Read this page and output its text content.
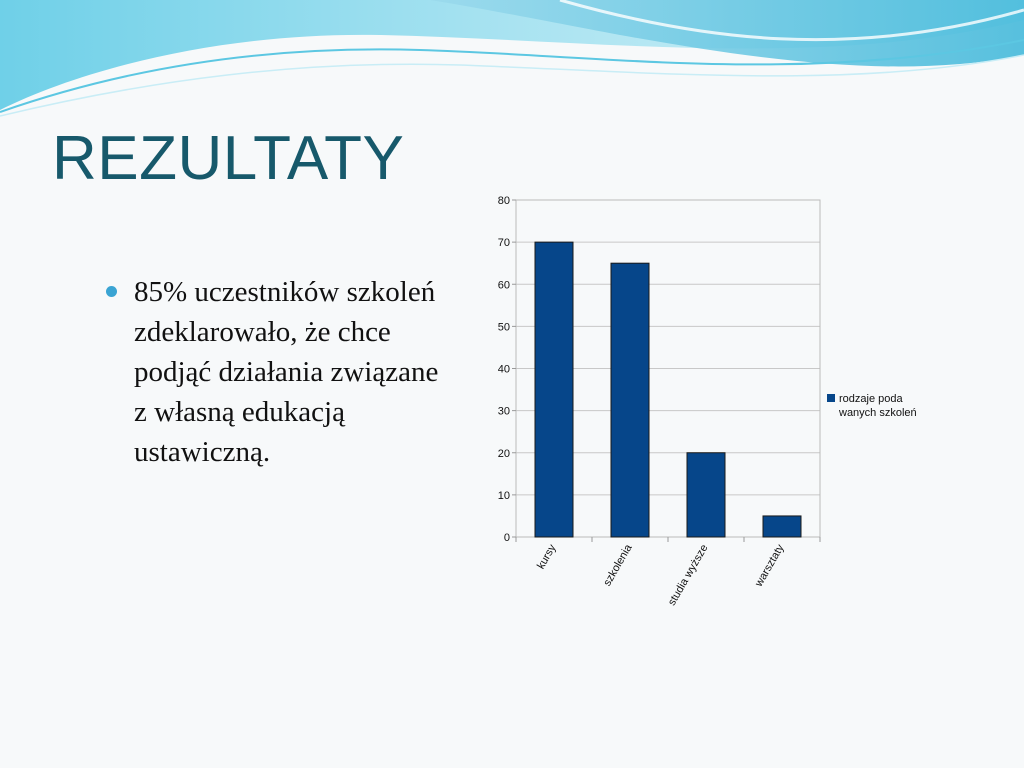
REZULTATY
85% uczestników szkoleń zdeklarowało, że chce podjąć działania związane z własną edukacją ustawiczną.
0
10
20
30
40
50
60
70
80
kursy	szkolenia	studia wyższe	warsztaty
rodzaje poda
wanych szkoleń
